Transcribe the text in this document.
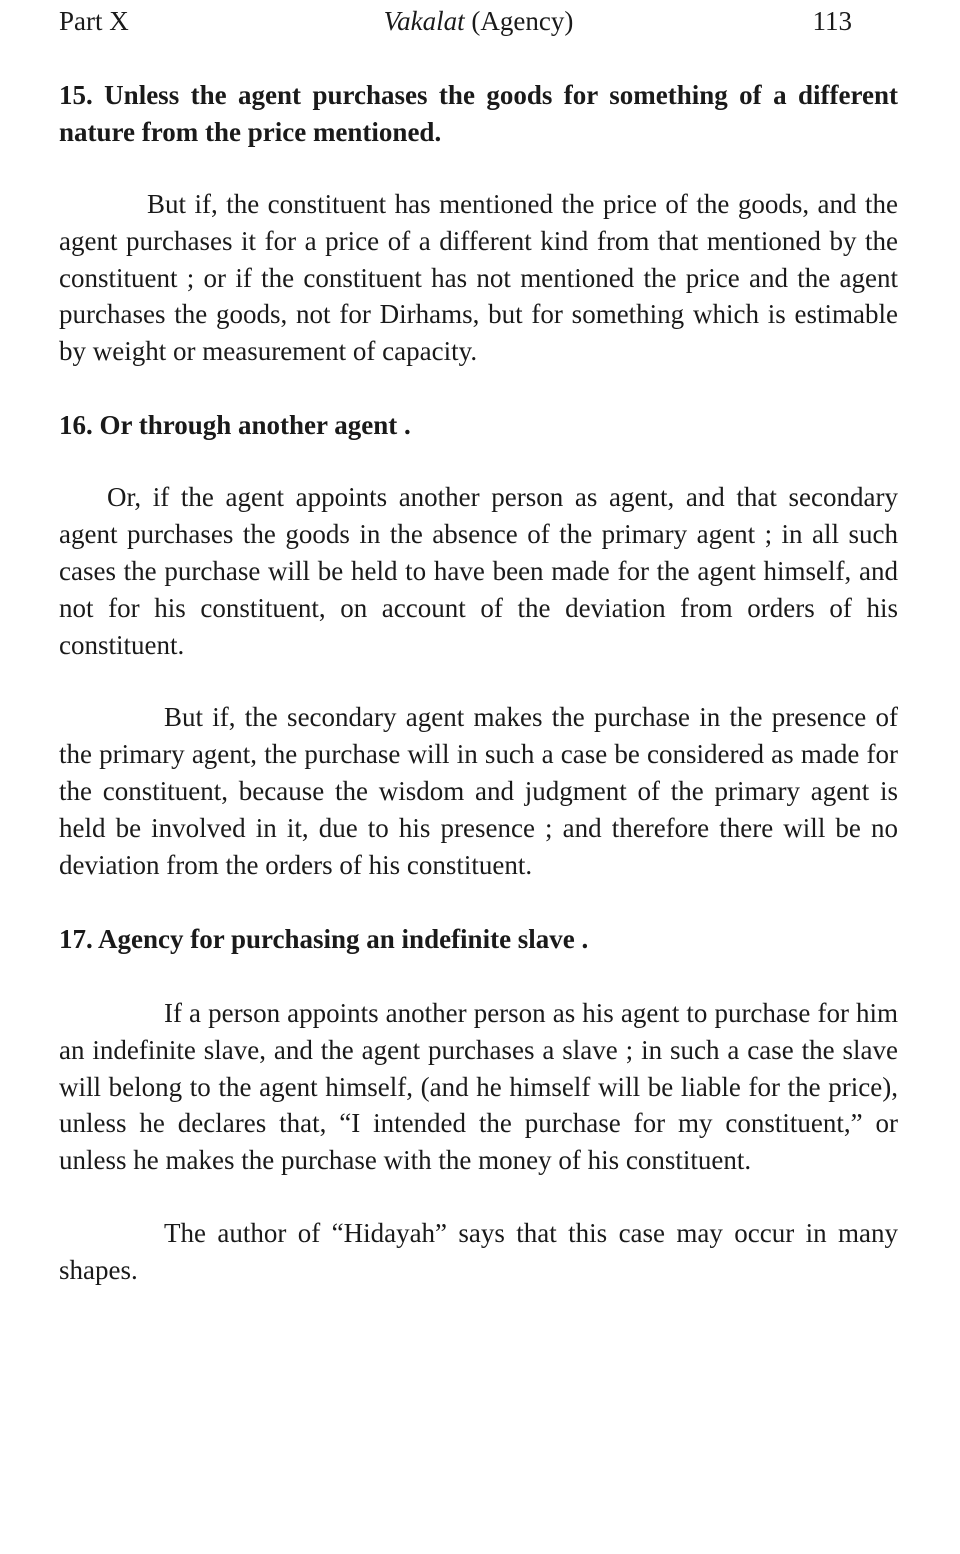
Part X	Vakalat (Agency)	113

15. Unless the agent purchases the goods for something of a different nature from the price mentioned.

But if, the constituent has mentioned the price of the goods, and the agent purchases it for a price of a different kind from that mentioned by the constituent ; or if the constituent has not mentioned the price and the agent purchases the goods, not for Dirhams, but for something which is estimable by weight or measurement of capacity.

16. Or through another agent .

Or, if the agent appoints another person as agent, and that secondary agent purchases the goods in the absence of the primary agent ; in all such cases the purchase will be held to have been made for the agent himself, and not for his constituent, on account of the deviation from orders of his constituent.

But if, the secondary agent makes the purchase in the presence of the primary agent, the purchase will in such a case be considered as made for the constituent, because the wisdom and judgment of the primary agent is held be involved in it, due to his presence ; and therefore there will be no deviation from the orders of his constituent.

17. Agency for purchasing an indefinite slave .

If a person appoints another person as his agent to purchase for him an indefinite slave, and the agent purchases a slave ; in such a case the slave will belong to the agent himself, (and he himself will be liable for the price), unless he declares that, “I intended the purchase for my constituent,” or unless he makes the purchase with the money of his constituent.

The author of “Hidayah” says that this case may occur in many shapes.
